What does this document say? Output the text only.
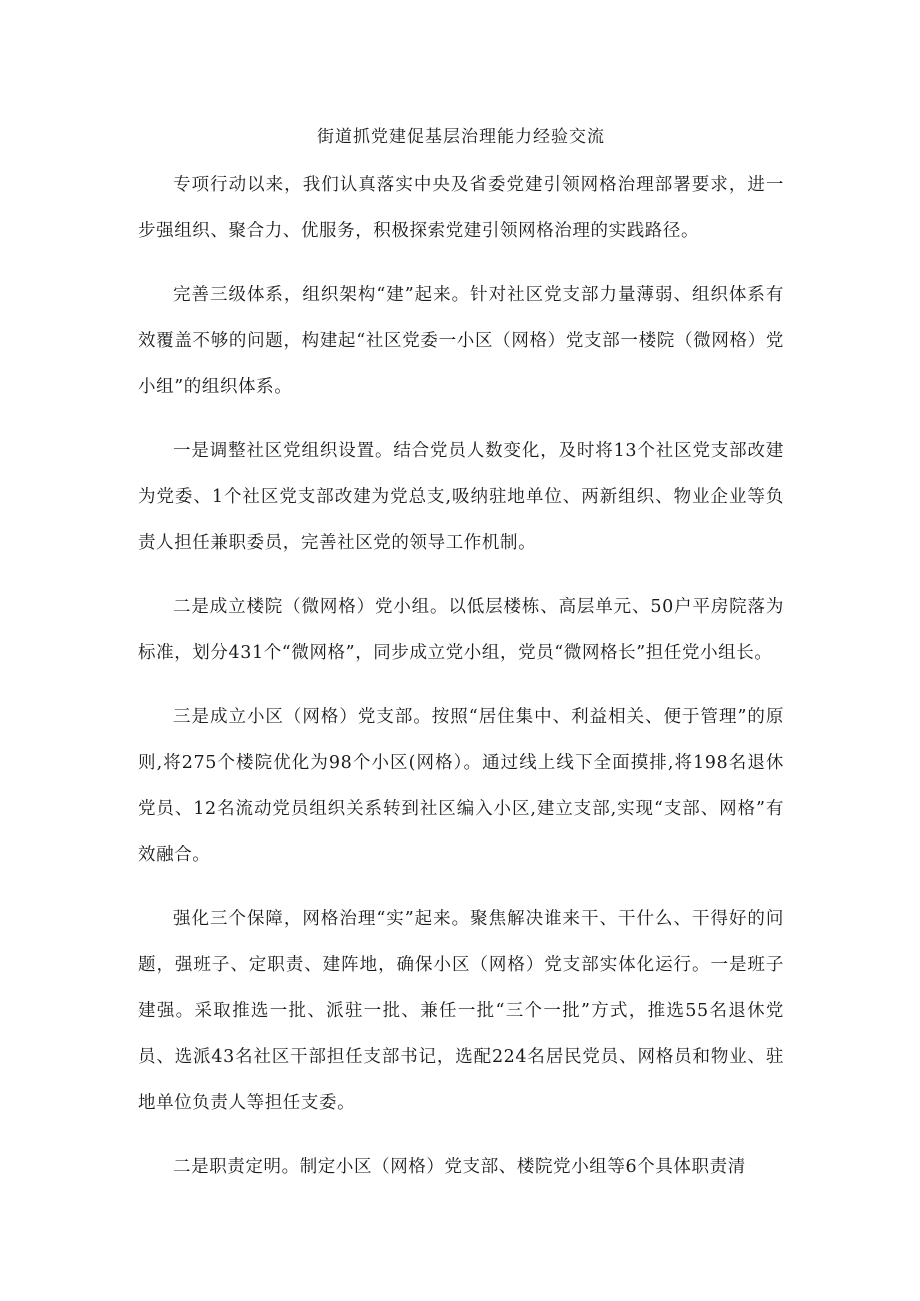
街道抓党建促基层治理能力经验交流

专项行动以来，我们认真落实中央及省委党建引领网格治理部署要求，进一步强组织、聚合力、优服务，积极探索党建引领网格治理的实践路径。

完善三级体系，组织架构“建”起来。针对社区党支部力量薄弱、组织体系有效覆盖不够的问题，构建起“社区党委一小区（网格）党支部一楼院（微网格）党小组”的组织体系。

一是调整社区党组织设置。结合党员人数变化，及时将13个社区党支部改建为党委、1个社区党支部改建为党总支,吸纳驻地单位、两新组织、物业企业等负责人担任兼职委员，完善社区党的领导工作机制。

二是成立楼院（微网格）党小组。以低层楼栋、高层单元、50户平房院落为标准，划分431个“微网格”，同步成立党小组，党员“微网格长”担任党小组长。

三是成立小区（网格）党支部。按照“居住集中、利益相关、便于管理”的原则,将275个楼院优化为98个小区(网格）。通过线上线下全面摸排,将198名退休党员、12名流动党员组织关系转到社区编入小区,建立支部,实现“支部、网格”有效融合。

强化三个保障，网格治理“实”起来。聚焦解决谁来干、干什么、干得好的问题，强班子、定职责、建阵地，确保小区（网格）党支部实体化运行。一是班子建强。采取推选一批、派驻一批、兼任一批“三个一批”方式，推选55名退休党员、选派43名社区干部担任支部书记，选配224名居民党员、网格员和物业、驻地单位负责人等担任支委。

二是职责定明。制定小区（网格）党支部、楼院党小组等6个具体职责清
